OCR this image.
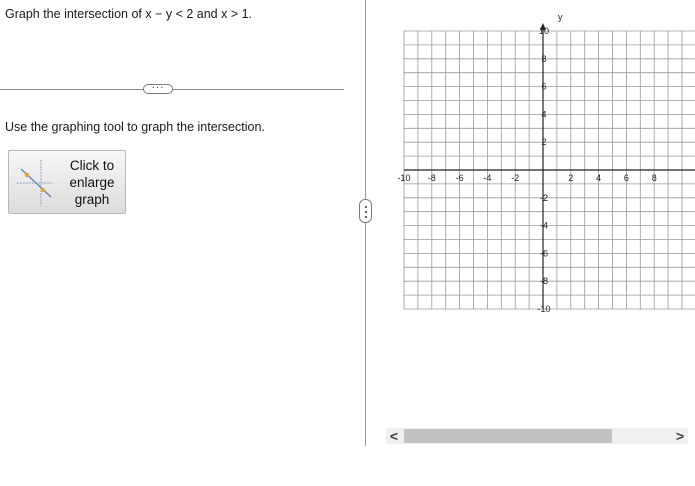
Graph the intersection of x − y < 2 and x > 1.
···
Use the graphing tool to graph the intersection.
Click to
enlarge
graph
-10 -8 -6 -4 -2	2	4	6	8
10
8
6
4
2
-2
-4
-6
-8
-10
y
<	>
